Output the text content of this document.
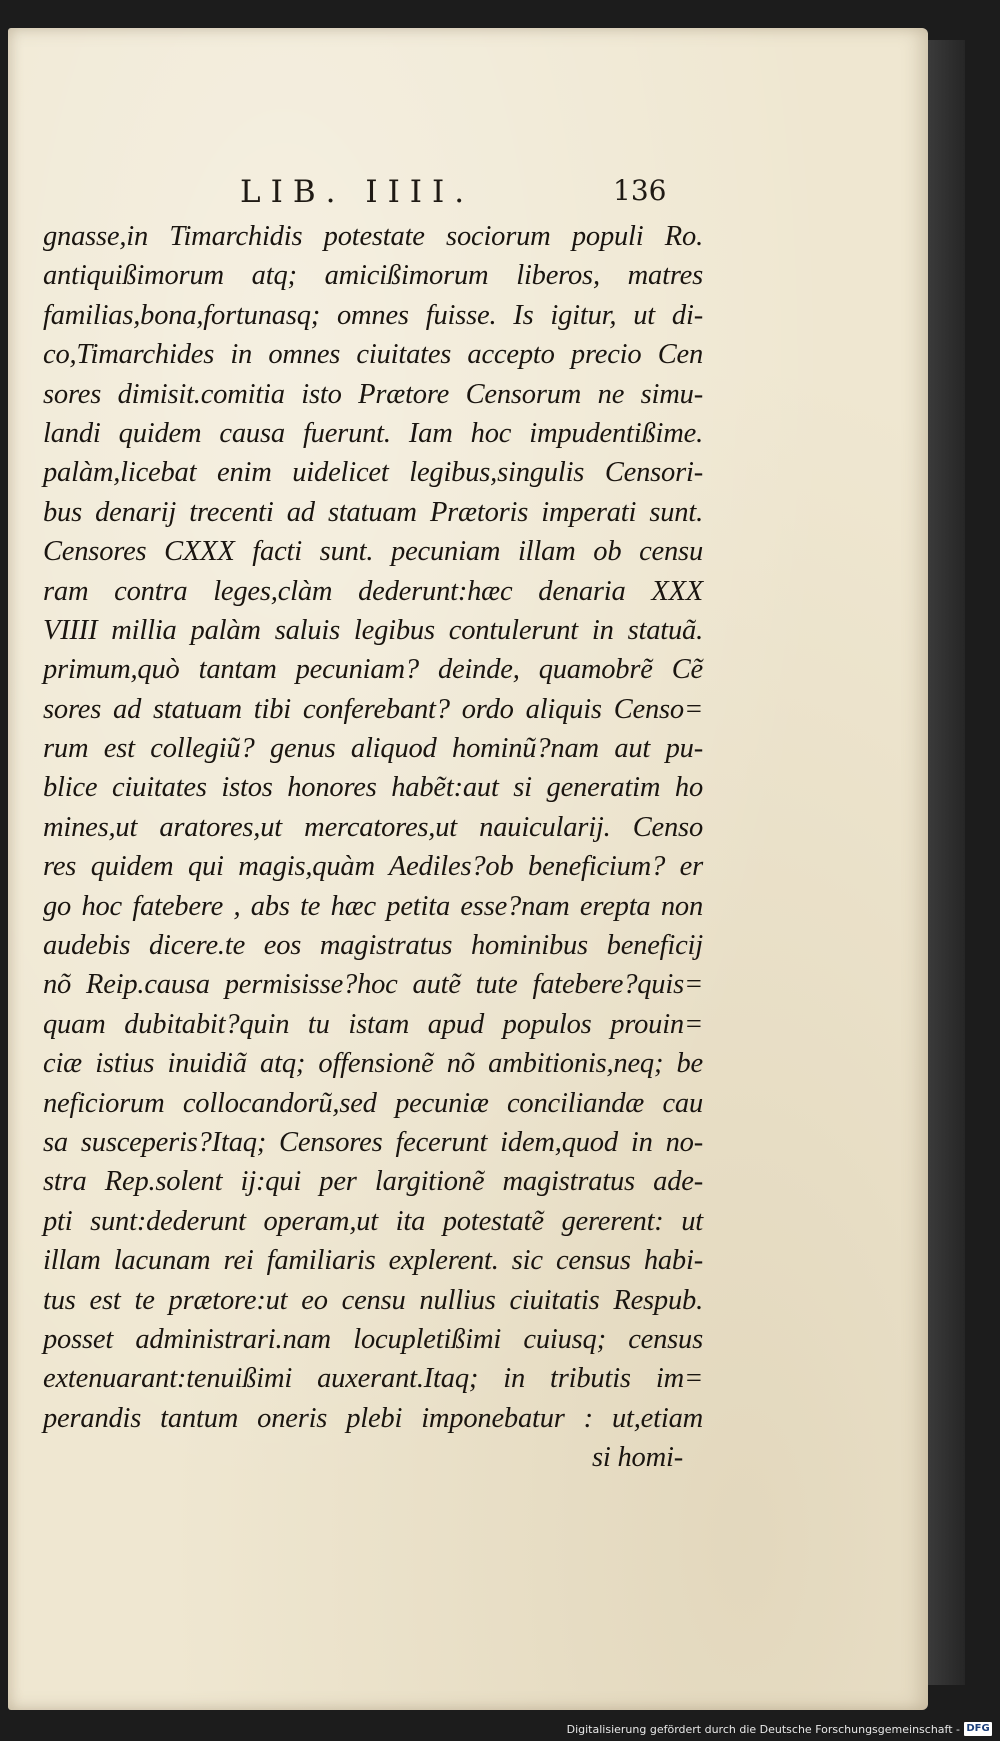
LIB. IIII.	136
gnasse,in Timarchidis potestate sociorum populi Ro.
antiquißimorum atq; amicißimorum liberos, matres
familias,bona,fortunasq; omnes fuisse. Is igitur, ut di-
co,Timarchides in omnes ciuitates accepto precio Cen
sores dimisit.comitia isto Prætore Censorum ne simu-
landi quidem causa fuerunt. Iam hoc impudentißime.
palàm,licebat enim uidelicet legibus,singulis Censori-
bus denarij trecenti ad statuam Prætoris imperati sunt.
Censores CXXX facti sunt. pecuniam illam ob censu
ram contra leges,clàm dederunt:hæc denaria XXX
VIIII millia palàm saluis legibus contulerunt in statuã.
primum,quò tantam pecuniam? deinde, quamobrẽ Cẽ
sores ad statuam tibi conferebant? ordo aliquis Censo=
rum est collegiũ? genus aliquod hominũ?nam aut pu-
blice ciuitates istos honores habẽt:aut si generatim ho
mines,ut aratores,ut mercatores,ut nauicularij. Censo
res quidem qui magis,quàm Aediles?ob beneficium? er
go hoc fatebere , abs te hæc petita esse?nam erepta non
audebis dicere.te eos magistratus hominibus beneficij
nõ Reip.causa permisisse?hoc autẽ tute fatebere?quis=
quam dubitabit?quin tu istam apud populos prouin=
ciæ istius inuidiã atq; offensionẽ nõ ambitionis,neq; be
neficiorum collocandorũ,sed pecuniæ conciliandæ cau
sa susceperis?Itaq; Censores fecerunt idem,quod in no-
stra Rep.solent ij:qui per largitionẽ magistratus ade-
pti sunt:dederunt operam,ut ita potestatẽ gererent: ut
illam lacunam rei familiaris explerent. sic census habi-
tus est te prætore:ut eo censu nullius ciuitatis Respub.
posset administrari.nam locupletißimi cuiusq; census
extenuarant:tenuißimi auxerant.Itaq; in tributis im=
perandis tantum oneris plebi imponebatur : ut,etiam
si homi-
Digitalisierung gefördert durch die Deutsche Forschungsgemeinschaft - DFG
